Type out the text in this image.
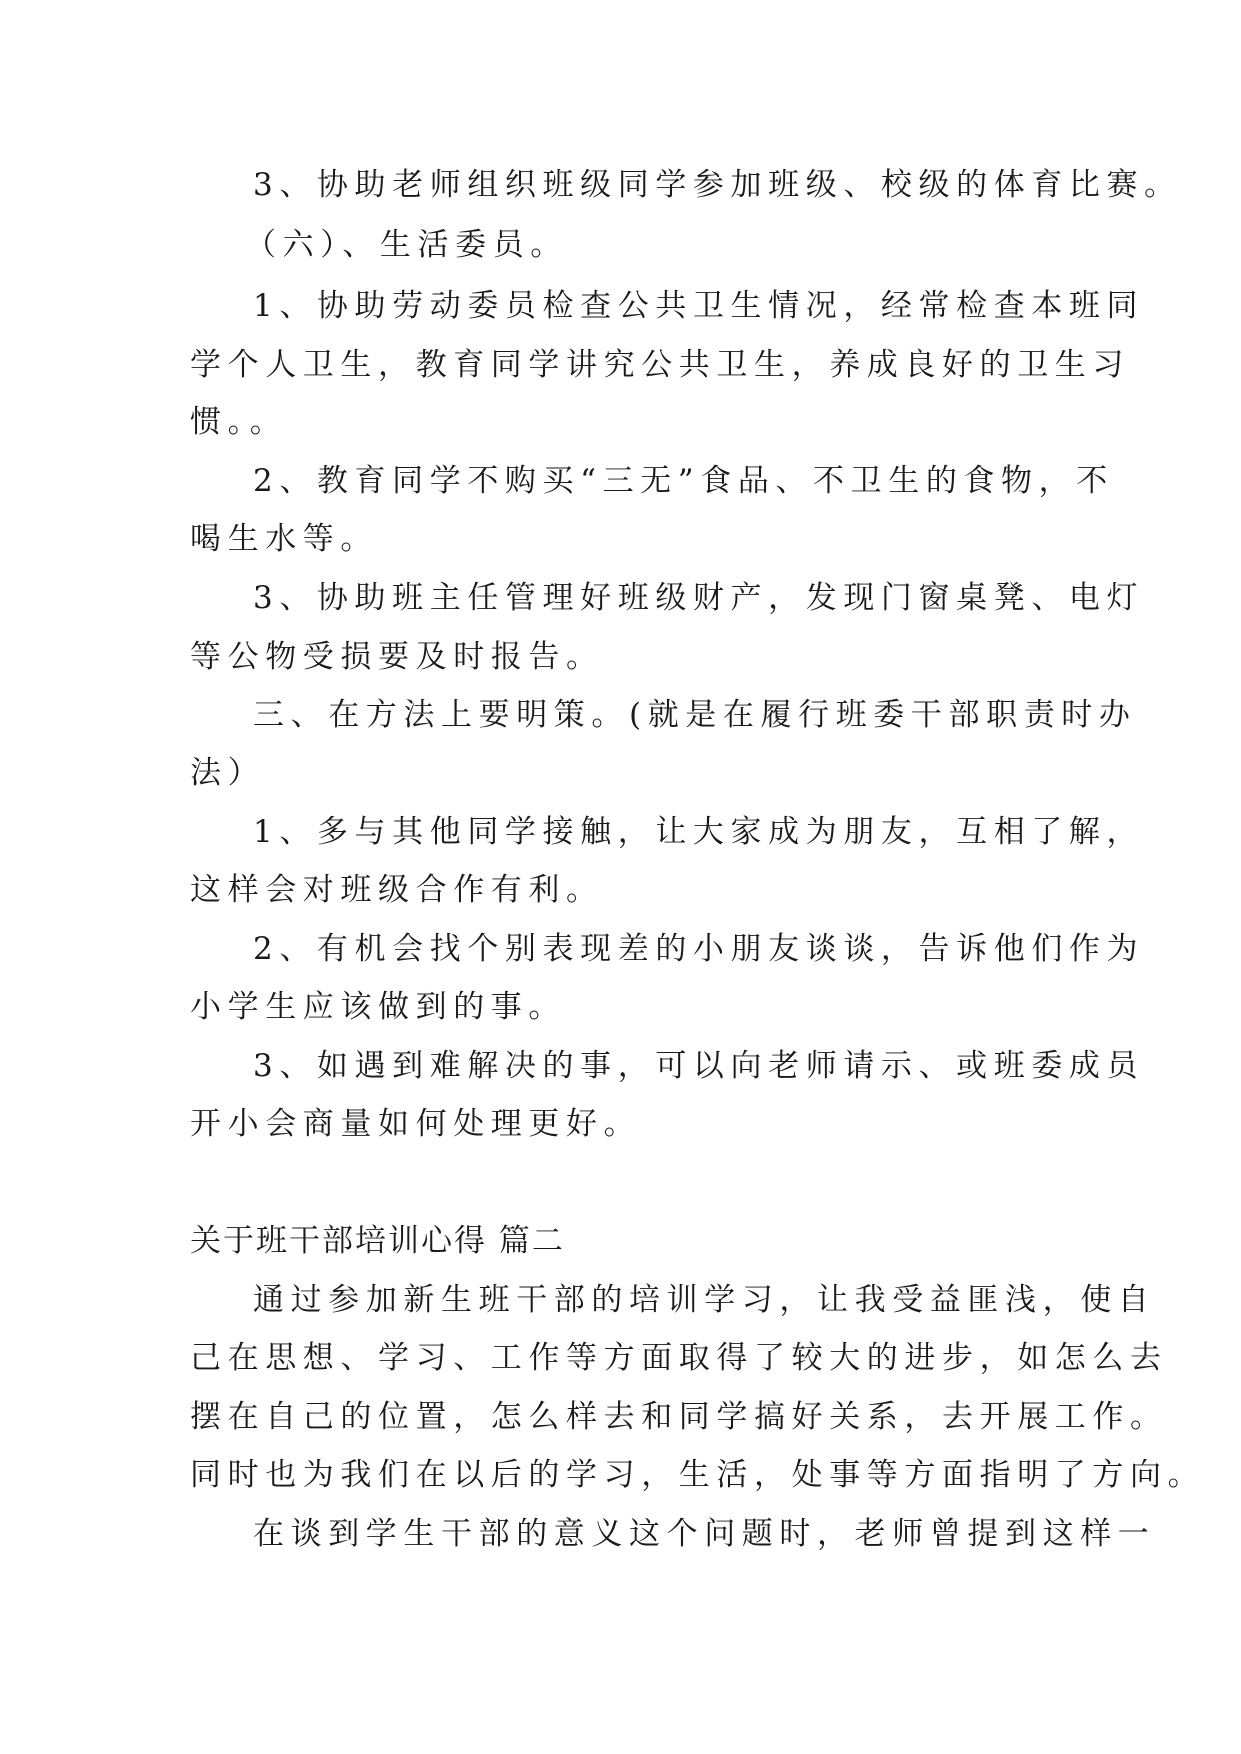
3、协助老师组织班级同学参加班级、校级的体育比赛。
（六）、生活委员。
1、协助劳动委员检查公共卫生情况，经常检查本班同
学个人卫生，教育同学讲究公共卫生，养成良好的卫生习
惯。。
2、教育同学不购买“三无”食品、不卫生的食物，不
喝生水等。
3、协助班主任管理好班级财产，发现门窗桌凳、电灯
等公物受损要及时报告。
三、在方法上要明策。(就是在履行班委干部职责时办
法）
1、多与其他同学接触，让大家成为朋友，互相了解，
这样会对班级合作有利。
2、有机会找个别表现差的小朋友谈谈，告诉他们作为
小学生应该做到的事。
3、如遇到难解决的事，可以向老师请示、或班委成员
开小会商量如何处理更好。
关于班干部培训心得 篇二
通过参加新生班干部的培训学习，让我受益匪浅，使自
己在思想、学习、工作等方面取得了较大的进步，如怎么去
摆在自己的位置，怎么样去和同学搞好关系，去开展工作。
同时也为我们在以后的学习，生活，处事等方面指明了方向。
在谈到学生干部的意义这个问题时，老师曾提到这样一
